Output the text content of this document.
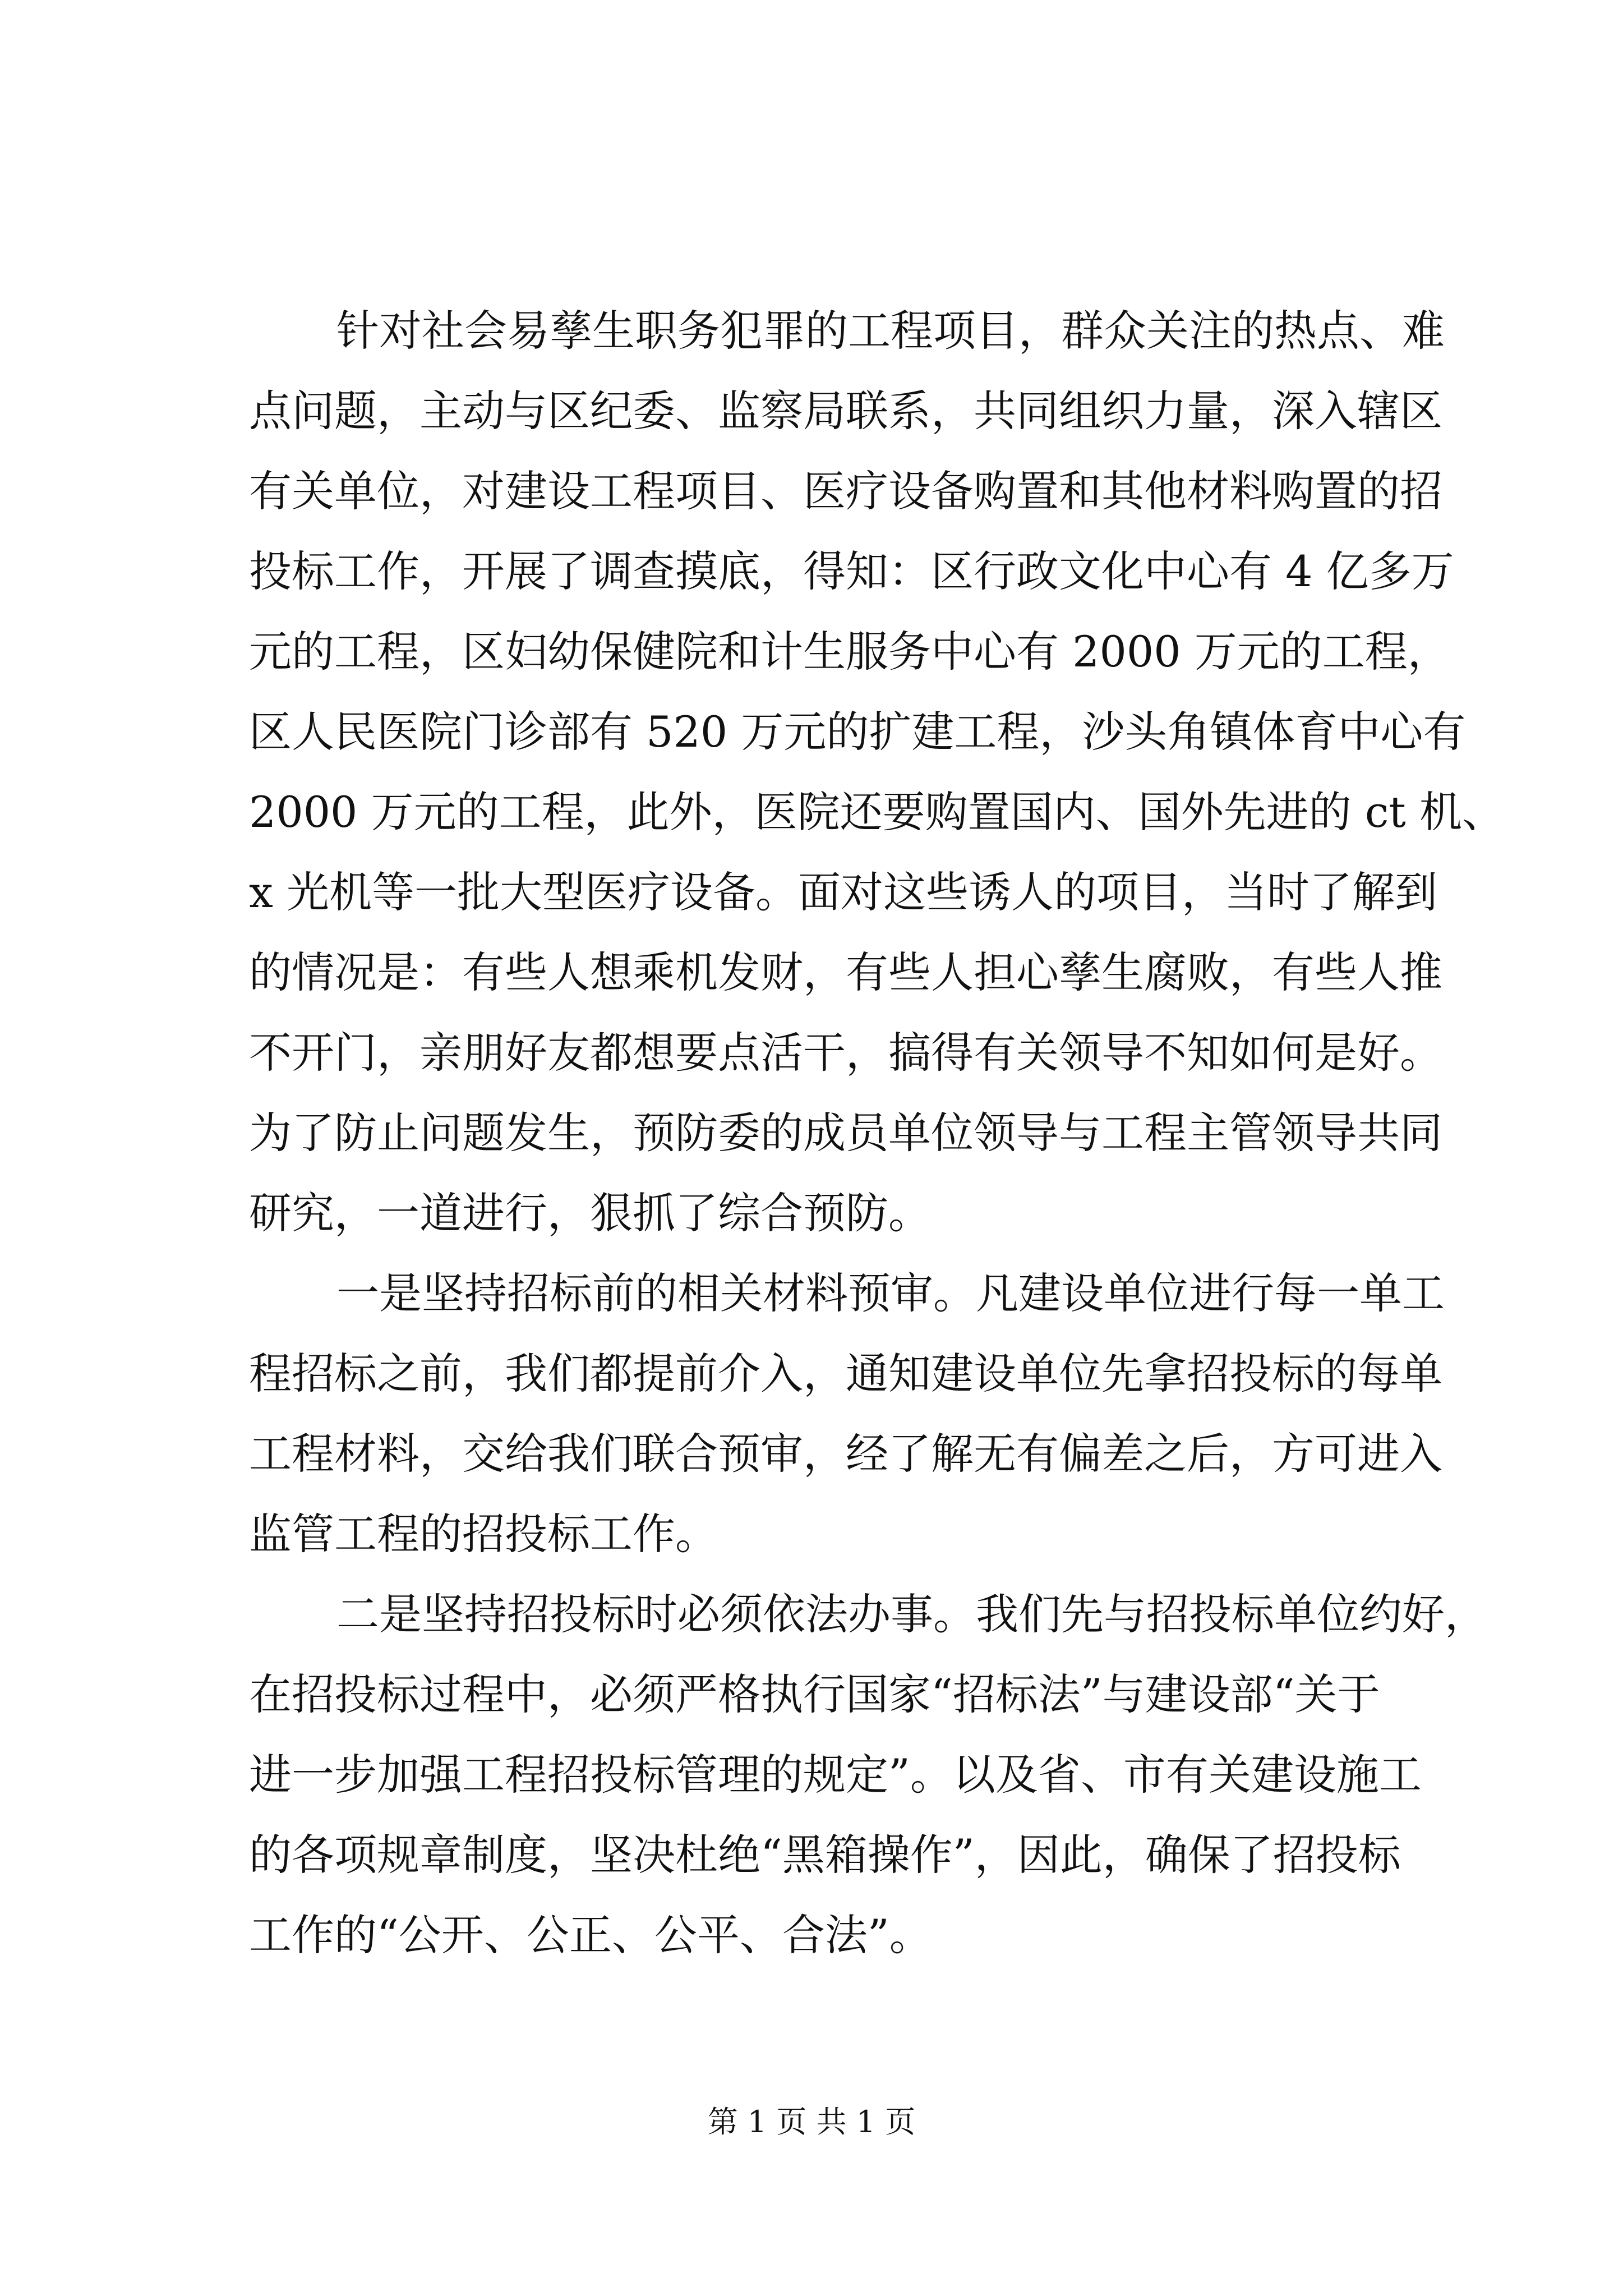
针对社会易孳生职务犯罪的工程项目，群众关注的热点、难
点问题，主动与区纪委、监察局联系，共同组织力量，深入辖区
有关单位，对建设工程项目、医疗设备购置和其他材料购置的招
投标工作，开展了调查摸底，得知：区行政文化中心有 4 亿多万
元的工程，区妇幼保健院和计生服务中心有 2000 万元的工程，
区人民医院门诊部有 520 万元的扩建工程，沙头角镇体育中心有
2000 万元的工程，此外，医院还要购置国内、国外先进的 ct 机、
x 光机等一批大型医疗设备。面对这些诱人的项目，当时了解到
的情况是：有些人想乘机发财，有些人担心孳生腐败，有些人推
不开门，亲朋好友都想要点活干，搞得有关领导不知如何是好。
为了防止问题发生，预防委的成员单位领导与工程主管领导共同
研究，一道进行，狠抓了综合预防。
一是坚持招标前的相关材料预审。凡建设单位进行每一单工
程招标之前，我们都提前介入，通知建设单位先拿招投标的每单
工程材料，交给我们联合预审，经了解无有偏差之后，方可进入
监管工程的招投标工作。
二是坚持招投标时必须依法办事。我们先与招投标单位约好，
在招投标过程中，必须严格执行国家“招标法”与建设部“关于
进一步加强工程招投标管理的规定”。以及省、市有关建设施工
的各项规章制度，坚决杜绝“黑箱操作”，因此，确保了招投标
工作的“公开、公正、公平、合法”。
第 1 页 共 1 页
